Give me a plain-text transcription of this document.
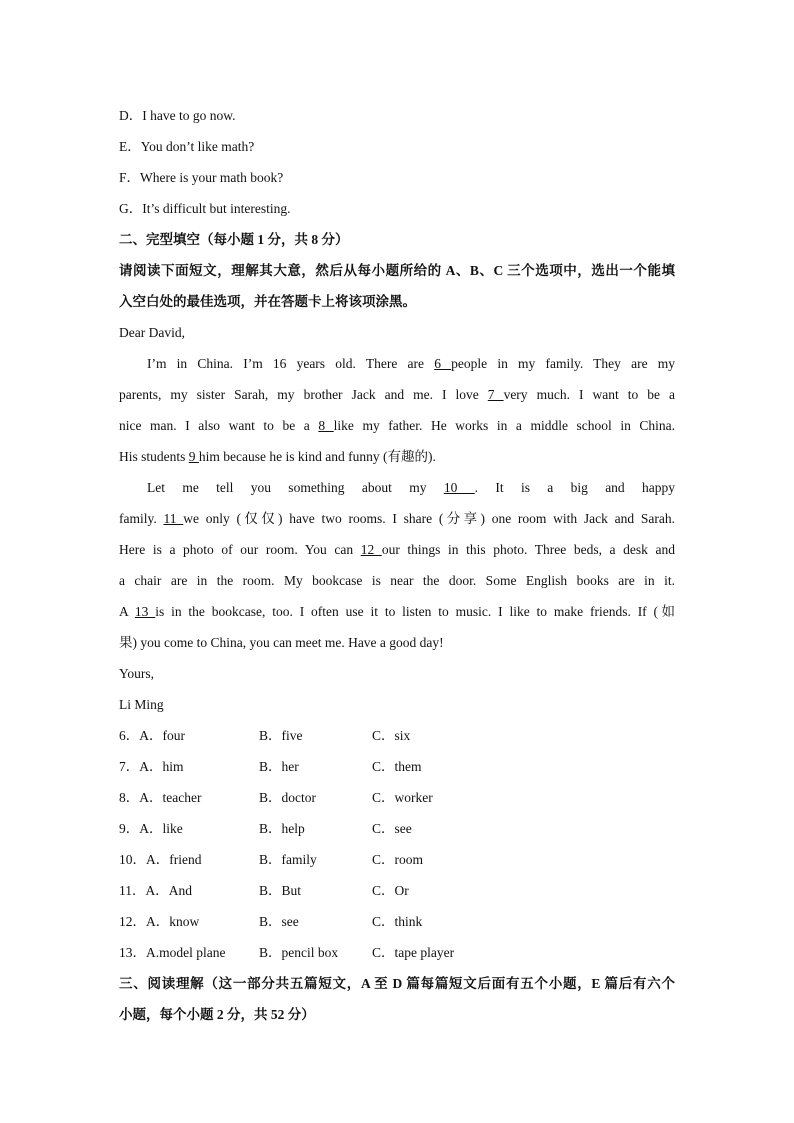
D．I have to go now.
E．You don’t like math?
F．Where is your math book?
G．It’s difficult but interesting.
二、完型填空（每小题 1 分，共 8 分）
请阅读下面短文，理解其大意，然后从每小题所给的 A、B、C 三个选项中，选出一个能填
入空白处的最佳选项，并在答题卡上将该项涂黑。
Dear David,
I’m in China. I’m 16 years old. There are 6 people in my family. They are my
parents, my sister Sarah, my brother Jack and me. I love 7 very much. I want to be a
nice man. I also want to be a 8 like my father. He works in a middle school in China.
His students 9 him because he is kind and funny (有趣的).
Let me tell you something about my 10 . It is a big and happy
family. 11 we only (仅仅) have two rooms. I share (分享) one room with Jack and Sarah.
Here is a photo of our room. You can 12 our things in this photo. Three beds, a desk and
a chair are in the room. My bookcase is near the door. Some English books are in it.
A 13 is in the bookcase, too. I often use it to listen to music. I like to make friends. If (如
果) you come to China, you can meet me. Have a good day!
Yours,
Li Ming
6．A．four	B．five	C．six
7．A．him	B．her	C．them
8．A．teacher	B．doctor	C．worker
9．A．like	B．help	C．see
10．A．friend	B．family	C．room
11．A．And	B．But	C．Or
12．A．know	B．see	C．think
13．A.model plane B．pencil box	C．tape player
三、阅读理解（这一部分共五篇短文，A 至 D 篇每篇短文后面有五个小题，E 篇后有六个
小题，每个小题 2 分，共 52 分）
